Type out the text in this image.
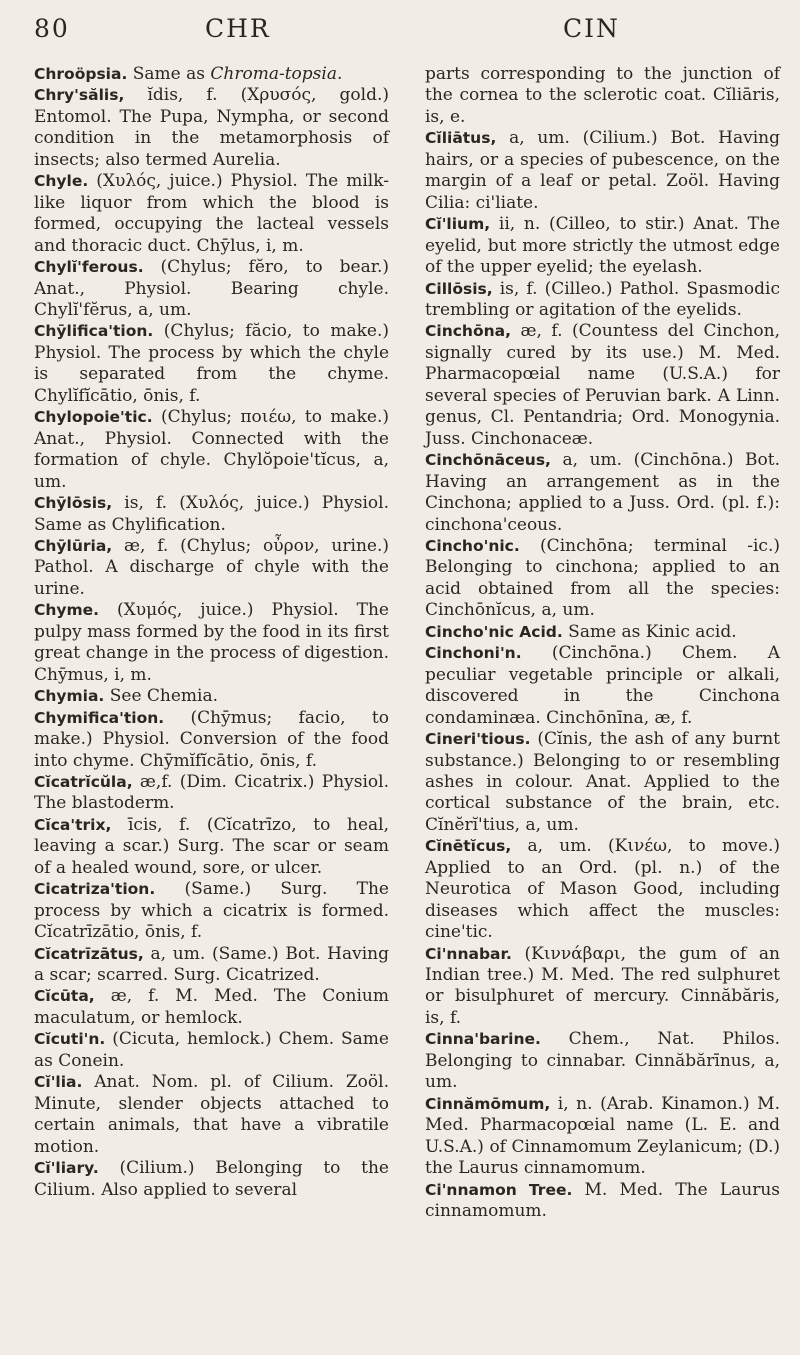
80	CHR	CIN
Chroöpsia. Same as Chroma-topsia.
Chry'sălis, ĭdis, f. (Χρυσός, gold.) Entomol. The Pupa, Nympha, or second condition in the metamorphosis of insects; also termed Aurelia.
Chyle. (Χυλός, juice.) Physiol. The milk-like liquor from which the blood is formed, occupying the lacteal vessels and thoracic duct. Chȳlus, i, m.
Chylĭ'ferous. (Chylus; fĕro, to bear.) Anat., Physiol. Bearing chyle. Chylĭ'fĕrus, a, um.
Chȳlifica'tion. (Chylus; făcio, to make.) Physiol. The process by which the chyle is separated from the chyme. Chylĭfĭcātio, ōnis, f.
Chylopoie'tic. (Chylus; ποιέω, to make.) Anat., Physiol. Connected with the formation of chyle. Chylŏpoie'tĭcus, a, um.
Chȳlōsis, is, f. (Χυλός, juice.) Physiol. Same as Chylification.
Chȳlūria, æ, f. (Chylus; οὖρον, urine.) Pathol. A discharge of chyle with the urine.
Chyme. (Χυμός, juice.) Physiol. The pulpy mass formed by the food in its first great change in the process of digestion. Chȳmus, i, m.
Chymia. See Chemia.
Chymifica'tion. (Chȳmus; facio, to make.) Physiol. Conversion of the food into chyme. Chȳmĭfĭcātio, ōnis, f.
Cĭcatrĭcŭla, æ,f. (Dim. Cicatrix.) Physiol. The blastoderm.
Cĭca'trix, īcis, f. (Cĭcatrīzo, to heal, leaving a scar.) Surg. The scar or seam of a healed wound, sore, or ulcer.
Cicatriza'tion. (Same.) Surg. The process by which a cicatrix is formed. Cĭcatrīzātio, ōnis, f.
Cĭcatrīzātus, a, um. (Same.) Bot. Having a scar; scarred. Surg. Cicatrized.
Cĭcūta, æ, f. M. Med. The Conium maculatum, or hemlock.
Cĭcuti'n. (Cicuta, hemlock.) Chem. Same as Conein.
Cĭ'lia. Anat. Nom. pl. of Cilium. Zoöl. Minute, slender objects attached to certain animals, that have a vibratile motion.
Cĭ'liary. (Cilium.) Belonging to the Cilium. Also applied to several
parts corresponding to the junction of the cornea to the sclerotic coat. Cĭliāris, is, e.
Cĭliātus, a, um. (Cilium.) Bot. Having hairs, or a species of pubescence, on the margin of a leaf or petal. Zoöl. Having Cilia: ci'liate.
Cĭ'lium, ii, n. (Cilleo, to stir.) Anat. The eyelid, but more strictly the utmost edge of the upper eyelid; the eyelash.
Cillōsis, is, f. (Cilleo.) Pathol. Spasmodic trembling or agitation of the eyelids.
Cinchōna, æ, f. (Countess del Cinchon, signally cured by its use.) M. Med. Pharmacopœial name (U.S.A.) for several species of Peruvian bark. A Linn. genus, Cl. Pentandria; Ord. Monogynia. Juss. Cinchonaceæ.
Cinchōnāceus, a, um. (Cinchōna.) Bot. Having an arrangement as in the Cinchona; applied to a Juss. Ord. (pl. f.): cinchona'ceous.
Cincho'nic. (Cinchōna; terminal -ic.) Belonging to cinchona; applied to an acid obtained from all the species: Cinchōnĭcus, a, um.
Cincho'nic Acid. Same as Kinic acid.
Cinchoni'n. (Cinchōna.) Chem. A peculiar vegetable principle or alkali, discovered in the Cinchona condaminæa. Cinchōnīna, æ, f.
Cineri'tious. (Cĭnis, the ash of any burnt substance.) Belonging to or resembling ashes in colour. Anat. Applied to the cortical substance of the brain, etc. Cĭnĕrĭ'tius, a, um.
Cĭnētĭcus, a, um. (Κινέω, to move.) Applied to an Ord. (pl. n.) of the Neurotica of Mason Good, including diseases which affect the muscles: cine'tic.
Ci'nnabar. (Κιννάβαρι, the gum of an Indian tree.) M. Med. The red sulphuret or bisulphuret of mercury. Cinnăbăris, is, f.
Cinna'barine. Chem., Nat. Philos. Belonging to cinnabar. Cinnăbărīnus, a, um.
Cinnămōmum, i, n. (Arab. Kinamon.) M. Med. Pharmacopœial name (L. E. and U.S.A.) of Cinnamomum Zeylanicum; (D.) the Laurus cinnamomum.
Ci'nnamon Tree. M. Med. The Laurus cinnamomum.
